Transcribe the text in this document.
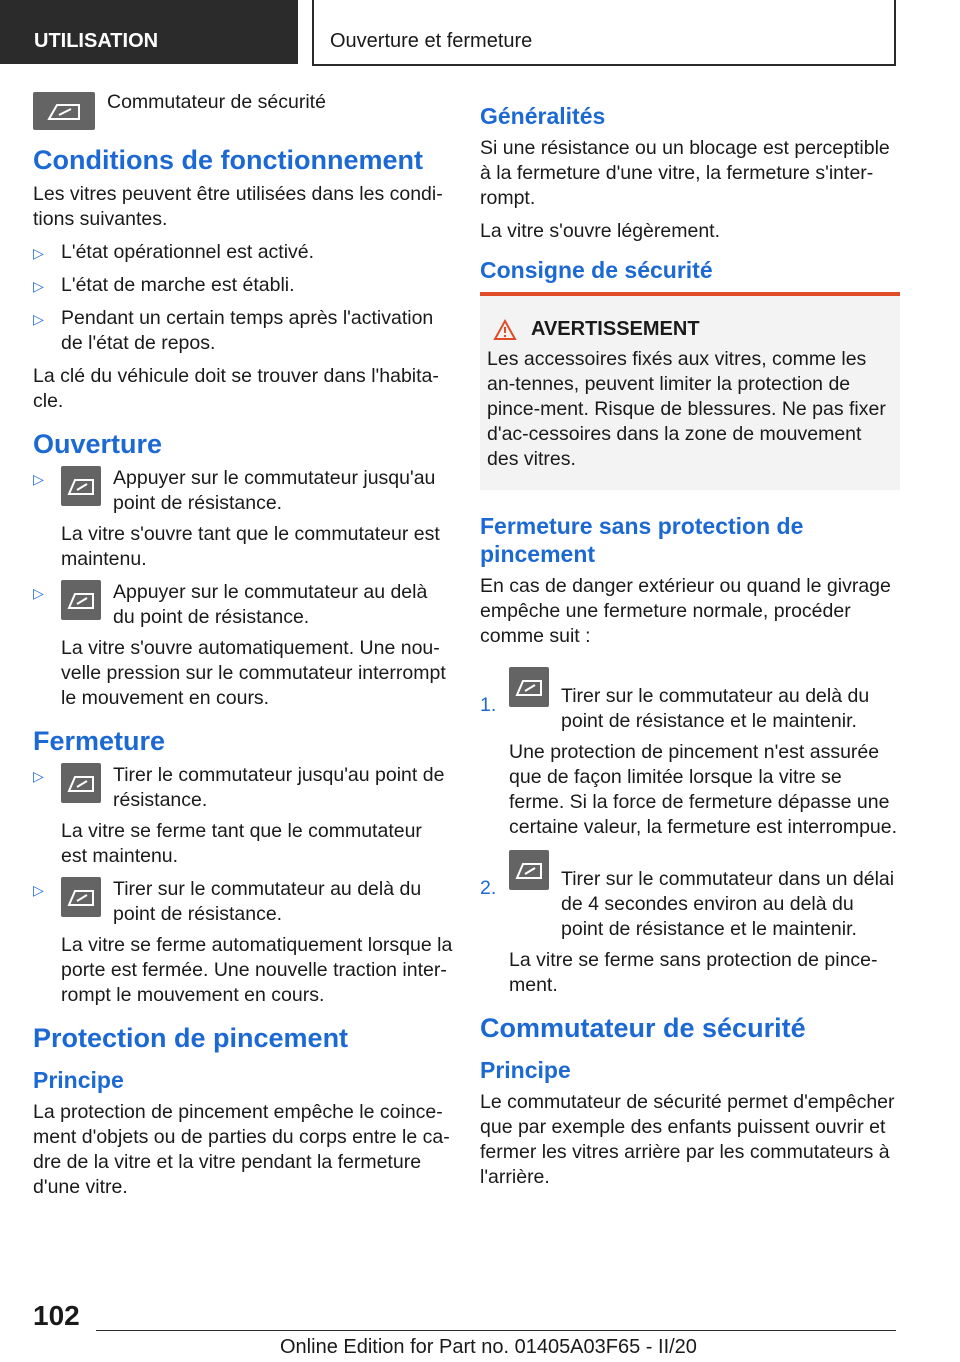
UTILISATION	Ouverture et fermeture

Commutateur de sécurité

Conditions de fonctionnement

Les vitres peuvent être utilisées dans les condi-tions suivantes.

▷ L'état opérationnel est activé.
▷ L'état de marche est établi.
▷ Pendant un certain temps après l'activation de l'état de repos.

La clé du véhicule doit se trouver dans l'habita-cle.

Ouverture
▷	Appuyer sur le commutateur jusqu'au point de résistance.
La vitre s'ouvre tant que le commutateur est maintenu.
▷	Appuyer sur le commutateur au delà du point de résistance.
La vitre s'ouvre automatiquement. Une nou-velle pression sur le commutateur interrompt le mouvement en cours.
Fermeture
▷	Tirer le commutateur jusqu'au point de résistance.
La vitre se ferme tant que le commutateur est maintenu.
▷	Tirer sur le commutateur au delà du point de résistance.
La vitre se ferme automatiquement lorsque la porte est fermée. Une nouvelle traction inter-rompt le mouvement en cours.
Protection de pincement
Principe

La protection de pincement empêche le coince-ment d'objets ou de parties du corps entre le ca-dre de la vitre et la vitre pendant la fermeture d'une vitre.

Généralités

Si une résistance ou un blocage est perceptible à la fermeture d'une vitre, la fermeture s'inter-rompt.

La vitre s'ouvre légèrement.

Consigne de sécurité
AVERTISSEMENT

Les accessoires fixés aux vitres, comme les an-tennes, peuvent limiter la protection de pince-ment. Risque de blessures. Ne pas fixer d'ac-cessoires dans la zone de mouvement des vitres.

Fermeture sans protection de pincement

En cas de danger extérieur ou quand le givrage empêche une fermeture normale, procéder comme suit :

1.	Tirer sur le commutateur au delà du point de résistance et le maintenir.
Une protection de pincement n'est assurée que de façon limitée lorsque la vitre se ferme. Si la force de fermeture dépasse une certaine valeur, la fermeture est interrompue.
2.	Tirer sur le commutateur dans un délai de 4 secondes environ au delà du point de résistance et le maintenir.
La vitre se ferme sans protection de pince-ment.
Commutateur de sécurité
Principe

Le commutateur de sécurité permet d'empêcher que par exemple des enfants puissent ouvrir et fermer les vitres arrière par les commutateurs à l'arrière.

102
Online Edition for Part no. 01405A03F65 - II/20
